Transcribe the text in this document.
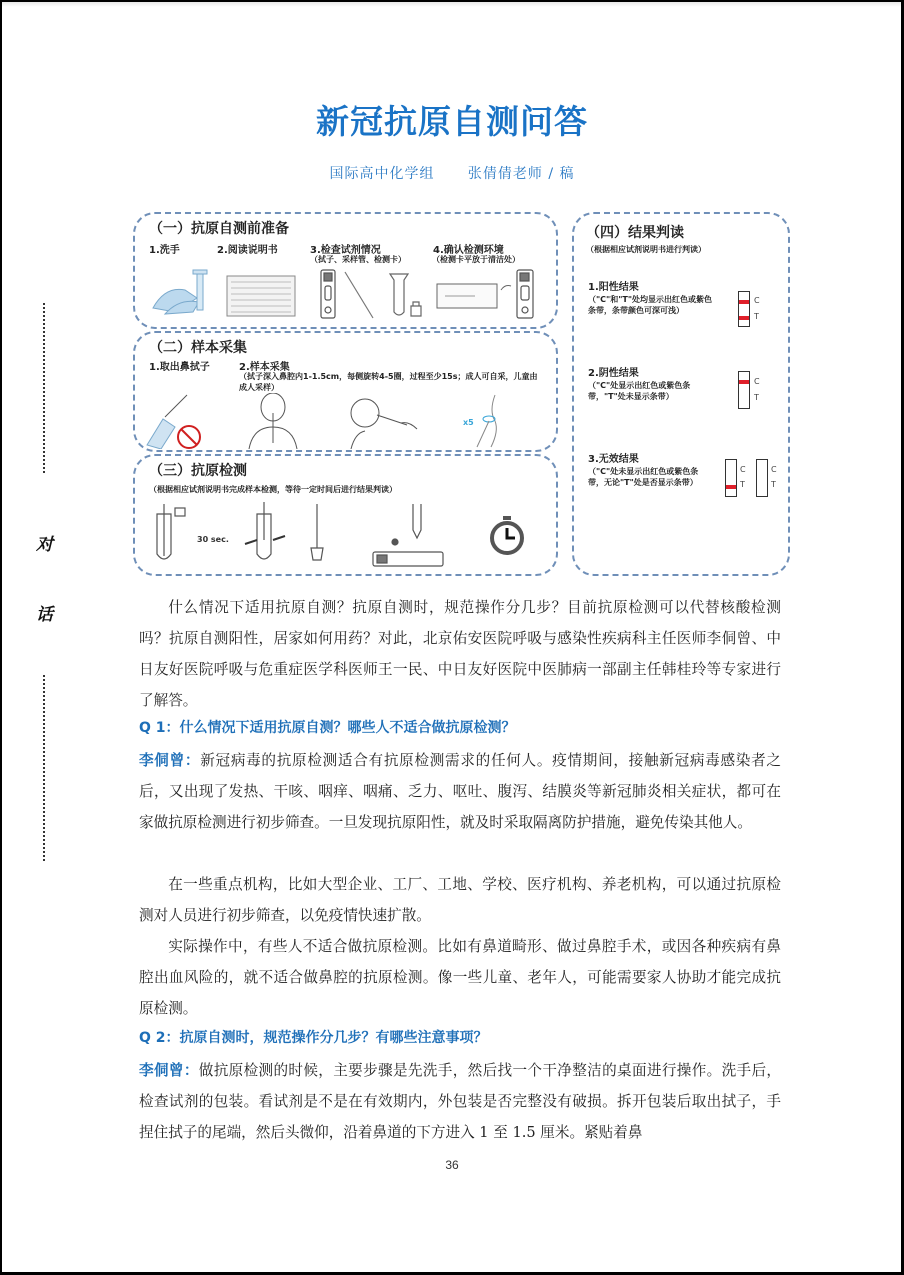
新冠抗原自测问答
国际高中化学组 张倩倩老师 / 稿
（一）抗原自测前准备
1.洗手	2.阅读说明书	3.检查试剂情况	4.确认检测环境
（拭子、采样管、检测卡）	（检测卡平放于清洁处）
（二）样本采集
1.取出鼻拭子	2.样本采集
（拭子深入鼻腔内1-1.5cm，每侧旋转4-5圈，过程至少15s；成人可自采，儿童由成人采样）
x5
（三）抗原检测
（根据相应试剂说明书完成样本检测，等待一定时间后进行结果判读）
30 sec.
（四）结果判读
（根据相应试剂说明书进行判读）
1.阳性结果
（"C"和"T"处均显示出红色或紫色条带，条带颜色可深可浅）
C
T
2.阴性结果
（"C"处显示出红色或紫色条带，"T"处未显示条带）
C
T
3.无效结果
（"C"处未显示出红色或紫色条带，无论"T"处是否显示条带）
C
T
C
T
对
话	什么情况下适用抗原自测？抗原自测时，规范操作分几步？目前抗原检测可以代替核酸检测吗？抗原自测阳性，居家如何用药？对此，北京佑安医院呼吸与感染性疾病科主任医师李侗曾、中日友好医院呼吸与危重症医学科医师王一民、中日友好医院中医肺病一部副主任韩桂玲等专家进行了解答。
Q 1：什么情况下适用抗原自测？哪些人不适合做抗原检测？
李侗曾：新冠病毒的抗原检测适合有抗原检测需求的任何人。疫情期间，接触新冠病毒感染者之后，又出现了发热、干咳、咽痒、咽痛、乏力、呕吐、腹泻、结膜炎等新冠肺炎相关症状，都可在家做抗原检测进行初步筛查。一旦发现抗原阳性，就及时采取隔离防护措施，避免传染其他人。
在一些重点机构，比如大型企业、工厂、工地、学校、医疗机构、养老机构，可以通过抗原检测对人员进行初步筛查，以免疫情快速扩散。
实际操作中，有些人不适合做抗原检测。比如有鼻道畸形、做过鼻腔手术，或因各种疾病有鼻腔出血风险的，就不适合做鼻腔的抗原检测。像一些儿童、老年人，可能需要家人协助才能完成抗原检测。
Q 2：抗原自测时，规范操作分几步？有哪些注意事项？
李侗曾：做抗原检测的时候，主要步骤是先洗手，然后找一个干净整洁的桌面进行操作。洗手后，检查试剂的包装。看试剂是不是在有效期内，外包装是否完整没有破损。拆开包装后取出拭子，手捏住拭子的尾端，然后头微仰，沿着鼻道的下方进入 1 至 1.5 厘米。紧贴着鼻
36
